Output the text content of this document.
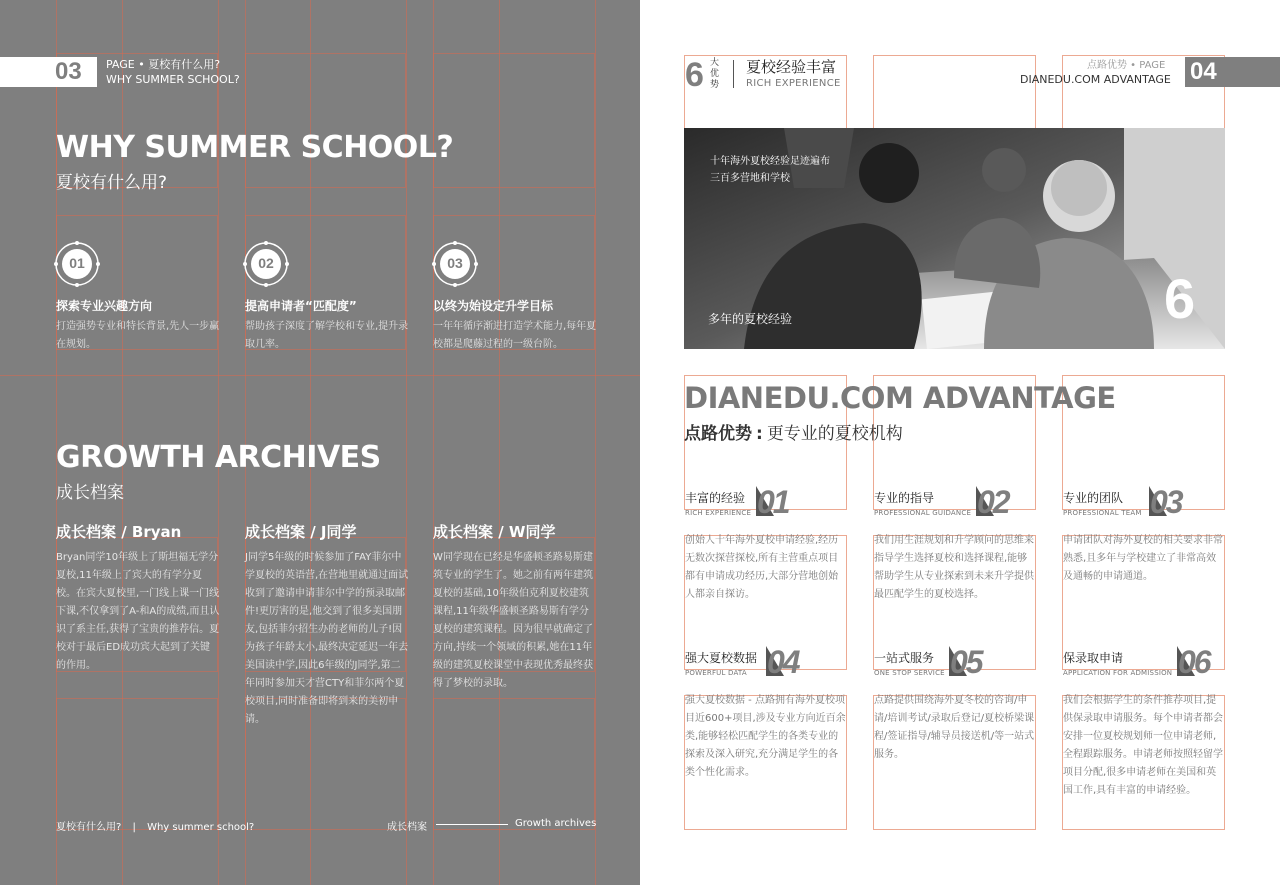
03 PAGE • 夏校有什么用?
WHY SUMMER SCHOOL?
WHY SUMMER SCHOOL?
夏校有什么用?
01	02	03
探索专业兴趣方向
打造强势专业和特长背景,先人一步赢在规划。
提高申请者“匹配度”
帮助孩子深度了解学校和专业,提升录取几率。
以终为始设定升学目标
一年年循序渐进打造学术能力,每年夏校都是爬藤过程的一级台阶。
GROWTH ARCHIVES
成长档案
成长档案 / Bryan
Bryan同学10年级上了斯坦福无学分夏校,11年级上了宾大的有学分夏校。在宾大夏校里,一门线上课一门线下课,不仅拿到了A-和A的成绩,而且认识了系主任,获得了宝贵的推荐信。夏校对于最后ED成功宾大起到了关键的作用。
成长档案 / J同学
J同学5年级的时候参加了FAY菲尔中学夏校的英语营,在营地里就通过面试收到了邀请申请菲尔中学的预录取邮件!更厉害的是,他交到了很多美国朋友,包括菲尔招生办的老师的儿子!因为孩子年龄太小,最终决定延迟一年去美国读中学,因此6年级的J同学,第二年同时参加天才营CTY和菲尔两个夏校项目,同时准备即将到来的美初申请。
成长档案 / W同学
W同学现在已经是华盛顿圣路易斯建筑专业的学生了。她之前有两年建筑夏校的基础,10年级伯克利夏校建筑课程,11年级华盛顿圣路易斯有学分夏校的建筑课程。因为很早就确定了方向,持续一个领域的积累,她在11年级的建筑夏校课堂中表现优秀最终获得了梦校的录取。
夏校有什么用? | Why summer school?	成长档案	Growth archives
6 大
优
势
夏校经验丰富
RICH EXPERIENCE
点路优势 • PAGE
DIANEDU.COM ADVANTAGE 04
十年海外夏校经验足迹遍布
三百多营地和学校
多年的夏校经验	6
DIANEDU.COM ADVANTAGE
点路优势 : 更专业的夏校机构
丰富的经验
RICH EXPERIENCE 01
创始人十年海外夏校申请经验,经历无数次探营探校,所有主营重点项目都有申请成功经历,大部分营地创始人都亲自探访。
专业的指导
PROFESSIONAL GUIDANCE 02
我们用生涯规划和升学顾问的思维来指导学生选择夏校和选择课程,能够帮助学生从专业探索到未来升学提供最匹配学生的夏校选择。
专业的团队
PROFESSIONAL TEAM 03
申请团队对海外夏校的相关要求非常熟悉,且多年与学校建立了非常高效及通畅的申请通道。
强大夏校数据
POWERFUL DATA 04
强大夏校数据 - 点路拥有海外夏校项目近600+项目,涉及专业方向近百余类,能够轻松匹配学生的各类专业的探索及深入研究,充分满足学生的各类个性化需求。
一站式服务
ONE STOP SERVICE 05
点路提供围绕海外夏冬校的咨询/申请/培训考试/录取后登记/夏校桥梁课程/签证指导/辅导员接送机/等一站式服务。
保录取申请
APPLICATION FOR ADMISSION 06
我们会根据学生的条件推荐项目,提供保录取申请服务。每个申请者都会安排一位夏校规划师一位申请老师,全程跟踪服务。申请老师按照轻留学项目分配,很多申请老师在美国和英国工作,具有丰富的申请经验。
